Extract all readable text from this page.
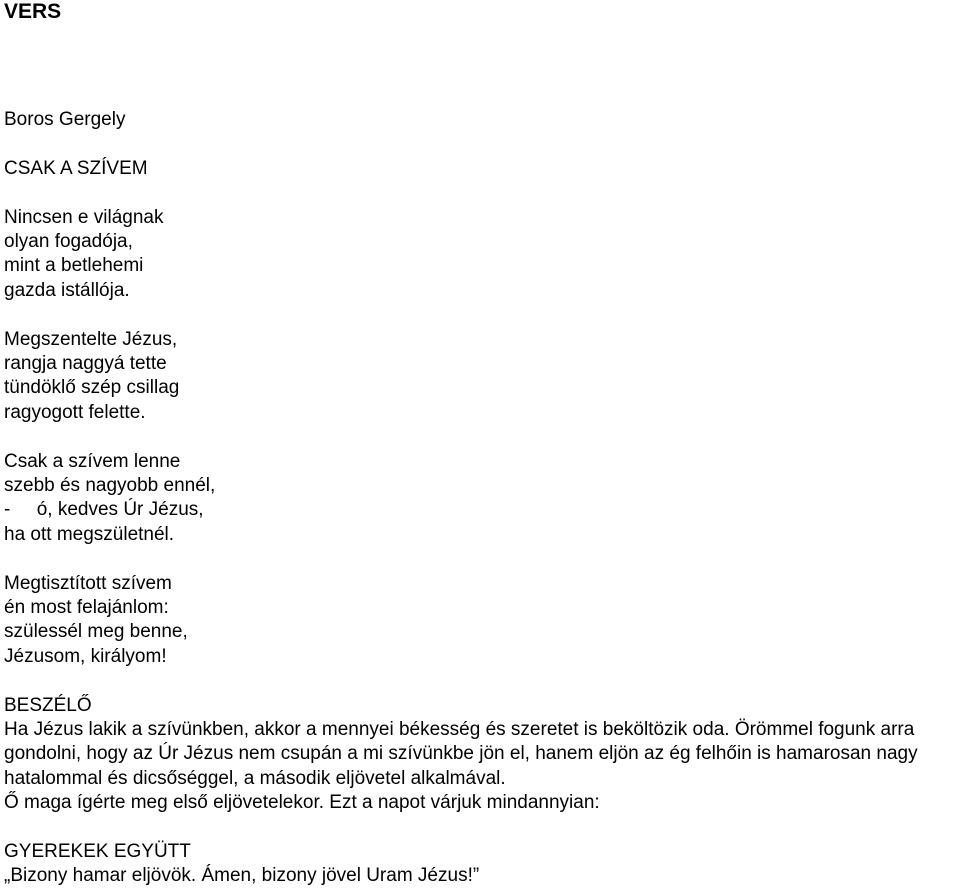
VERS
Boros Gergely
CSAK A SZÍVEM
Nincsen e világnak
olyan fogadója,
mint a betlehemi
gazda istállója.
Megszentelte Jézus,
rangja naggyá tette
tündöklő szép csillag
ragyogott felette.
Csak a szívem lenne
szebb és nagyobb ennél,
-     ó, kedves Úr Jézus,
ha ott megszületnél.
Megtisztított szívem
én most felajánlom:
szülessél meg benne,
Jézusom, királyom!
BESZÉLŐ

Ha Jézus lakik a szívünkben, akkor a mennyei békesség és szeretet is beköltözik oda. Örömmel fogunk arra gondolni, hogy az Úr Jézus nem csupán a mi szívünkbe jön el, hanem eljön az ég felhőin is hamarosan nagy hatalommal és dicsőséggel, a második eljövetel alkalmával.

Ő maga ígérte meg első eljövetelekor. Ezt a napot várjuk mindannyian:

GYEREKEK EGYÜTT
„Bizony hamar eljövök. Ámen, bizony jövel Uram Jézus!”
